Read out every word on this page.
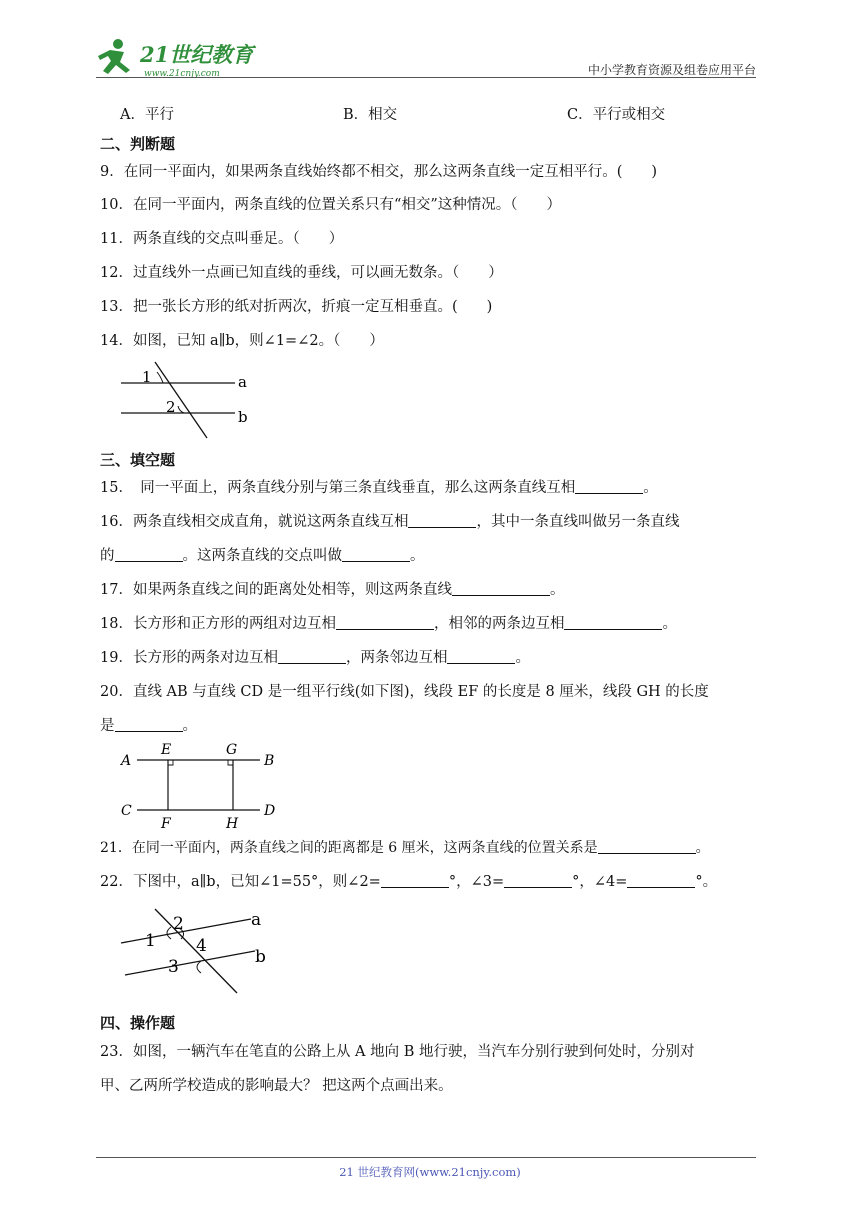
21世纪教育
www.21cnjy.com	中小学教育资源及组卷应用平台
A．平行	B．相交	C．平行或相交
二、判断题
9．在同一平面内，如果两条直线始终都不相交，那么这两条直线一定互相平行。(　　)
10．在同一平面内，两条直线的位置关系只有“相交”这种情况。（　　）
11．两条直线的交点叫垂足。（　　）
12．过直线外一点画已知直线的垂线，可以画无数条。（　　）
13．把一张长方形的纸对折两次，折痕一定互相垂直。(　　)
14．如图，已知 a∥b，则∠1=∠2。（　　）
1
2
a
b
三、填空题
15．　同一平面上，两条直线分别与第三条直线垂直，那么这两条直线互相	。
16．两条直线相交成直角，就说这两条直线互相	，其中一条直线叫做另一条直线
的	。这两条直线的交点叫做	。
17．如果两条直线之间的距离处处相等，则这两条直线	。
18．长方形和正方形的两组对边互相	，相邻的两条边互相	。
19．长方形的两条对边互相	，两条邻边互相	。
20．直线 AB 与直线 CD 是一组平行线(如下图)，线段 EF 的长度是 8 厘米，线段 GH 的长度
是	。
A	B
C	D
E	G
F	H
21．在同一平面内，两条直线之间的距离都是 6 厘米，这两条直线的位置关系是	。
22．下图中，a∥b，已知∠1=55°，则∠2=	°，∠3=	°，∠4=	°。
1
2
3
4
a
b
四、操作题
23．如图，一辆汽车在笔直的公路上从 A 地向 B 地行驶，当汽车分别行驶到何处时，分别对
甲、乙两所学校造成的影响最大？ 把这两个点画出来。
21 世纪教育网(www.21cnjy.com)
